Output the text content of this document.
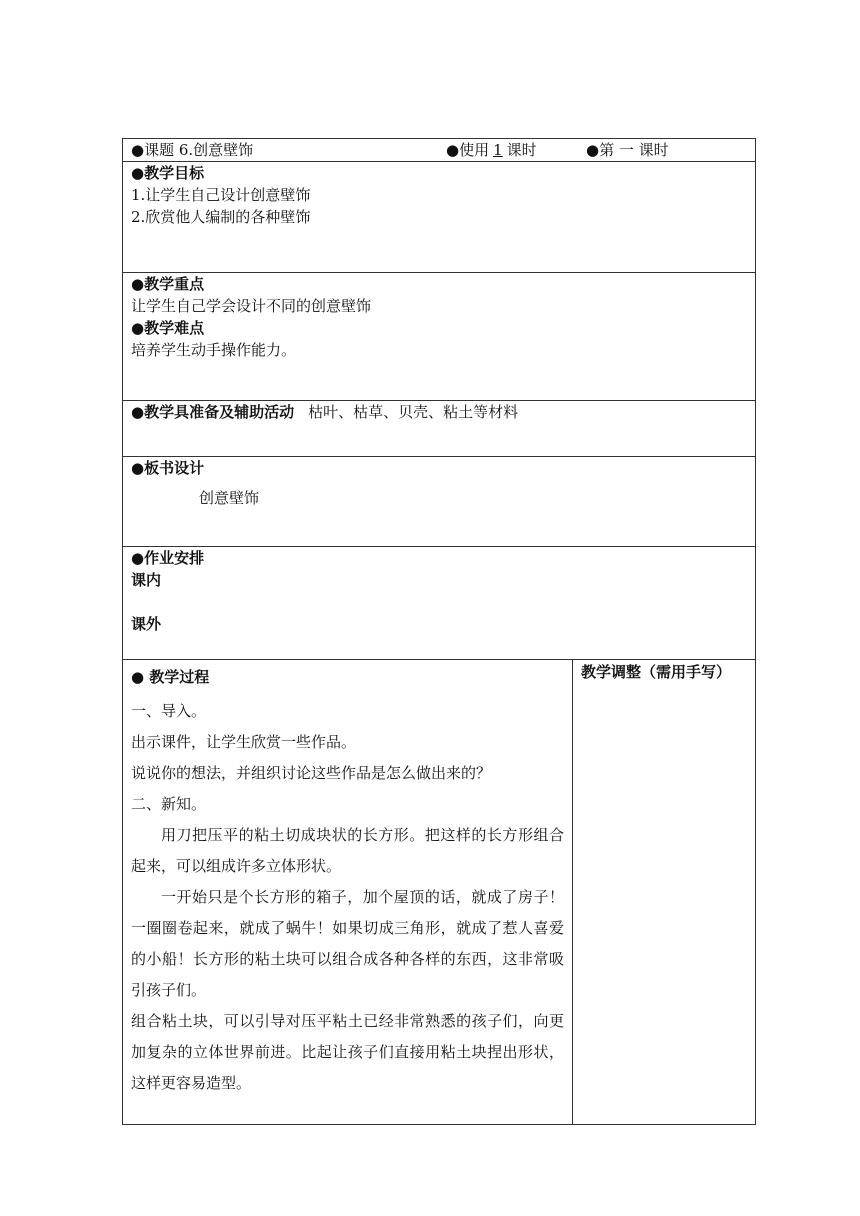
●课题 6.创意壁饰	●使用 1 课时	●第 一 课时

●教学目标
1.让学生自己设计创意壁饰
2.欣赏他人编制的各种壁饰

●教学重点
让学生自己学会设计不同的创意壁饰
●教学难点
培养学生动手操作能力。

●教学具准备及辅助活动 枯叶、枯草、贝壳、粘土等材料

●板书设计
创意壁饰

●作业安排
课内
课外

● 教学过程
一、导入。
出示课件，让学生欣赏一些作品。
说说你的想法，并组织讨论这些作品是怎么做出来的？
二、新知。
用刀把压平的粘土切成块状的长方形。把这样的长方形组合起来，可以组成许多立体形状。
一开始只是个长方形的箱子，加个屋顶的话，就成了房子！一圈圈卷起来，就成了蜗牛！如果切成三角形，就成了惹人喜爱的小船！长方形的粘土块可以组合成各种各样的东西，这非常吸引孩子们。
组合粘土块，可以引导对压平粘土已经非常熟悉的孩子们，向更加复杂的立体世界前进。比起让孩子们直接用粘土块捏出形状，这样更容易造型。

教学调整（需用手写）
